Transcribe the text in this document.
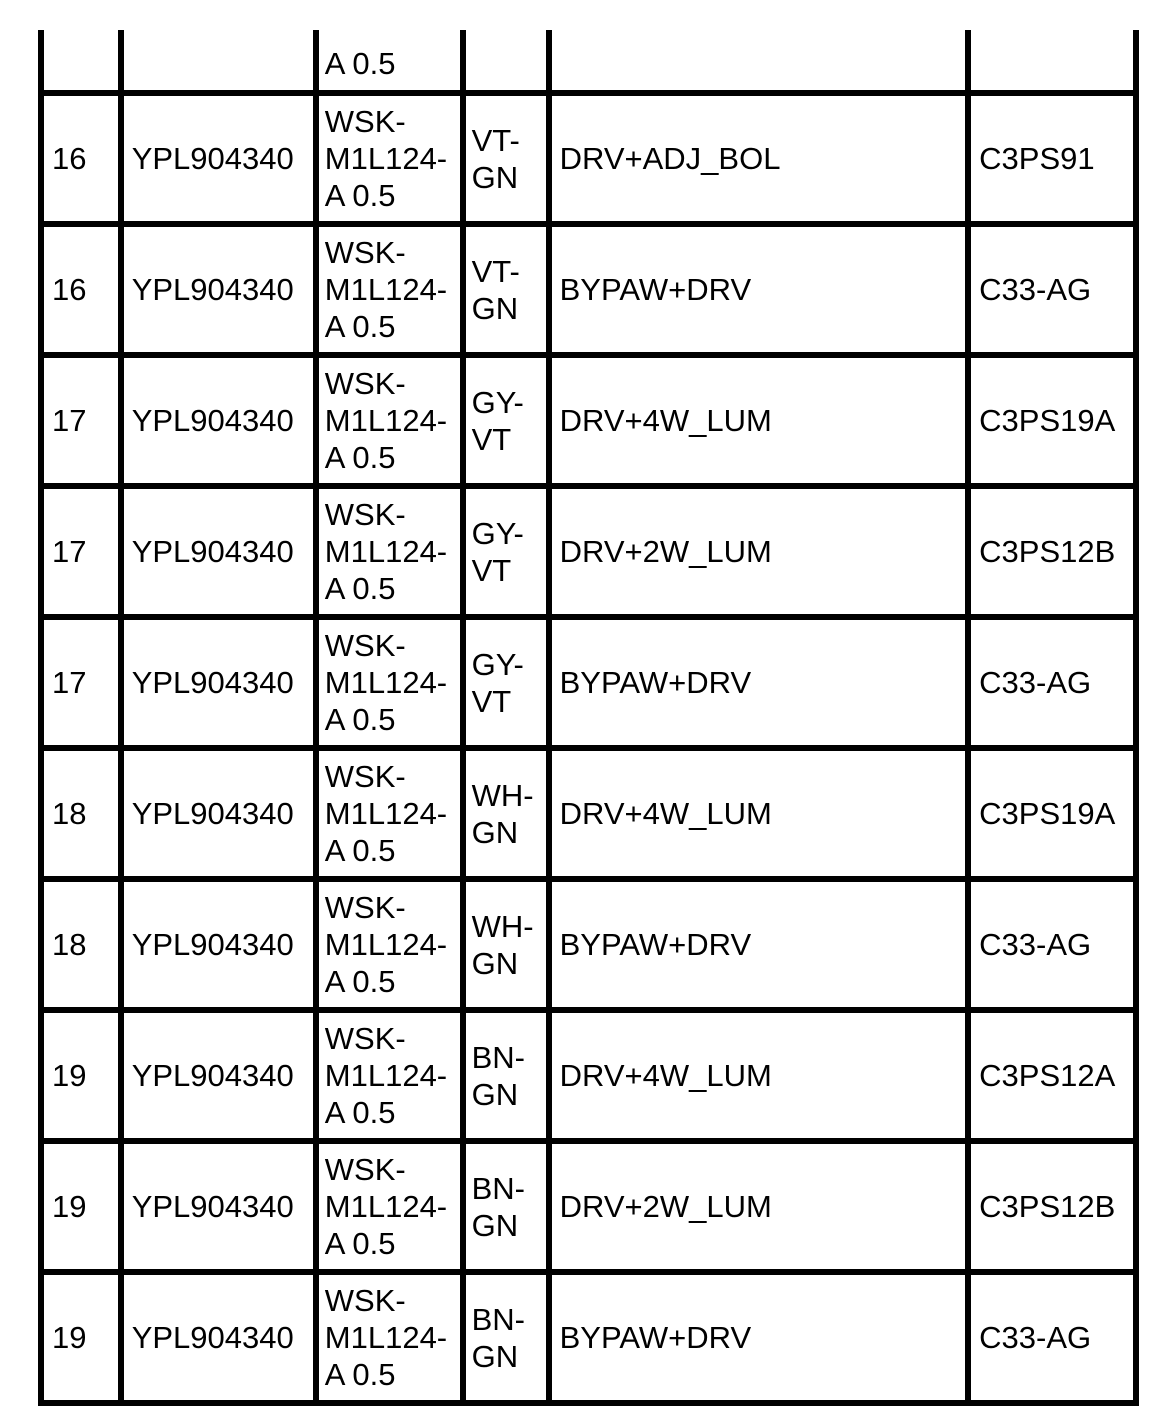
		A 0.5			
16	YPL904340	WSK-
M1L124-
A 0.5	VT-
GN	DRV+ADJ_BOL	C3PS91
16	YPL904340	WSK-
M1L124-
A 0.5	VT-
GN	BYPAW+DRV	C33-AG
17	YPL904340	WSK-
M1L124-
A 0.5	GY-
VT	DRV+4W_LUM	C3PS19A
17	YPL904340	WSK-
M1L124-
A 0.5	GY-
VT	DRV+2W_LUM	C3PS12B
17	YPL904340	WSK-
M1L124-
A 0.5	GY-
VT	BYPAW+DRV	C33-AG
18	YPL904340	WSK-
M1L124-
A 0.5	WH-
GN	DRV+4W_LUM	C3PS19A
18	YPL904340	WSK-
M1L124-
A 0.5	WH-
GN	BYPAW+DRV	C33-AG
19	YPL904340	WSK-
M1L124-
A 0.5	BN-
GN	DRV+4W_LUM	C3PS12A
19	YPL904340	WSK-
M1L124-
A 0.5	BN-
GN	DRV+2W_LUM	C3PS12B
19	YPL904340	WSK-
M1L124-
A 0.5	BN-
GN	BYPAW+DRV	C33-AG
